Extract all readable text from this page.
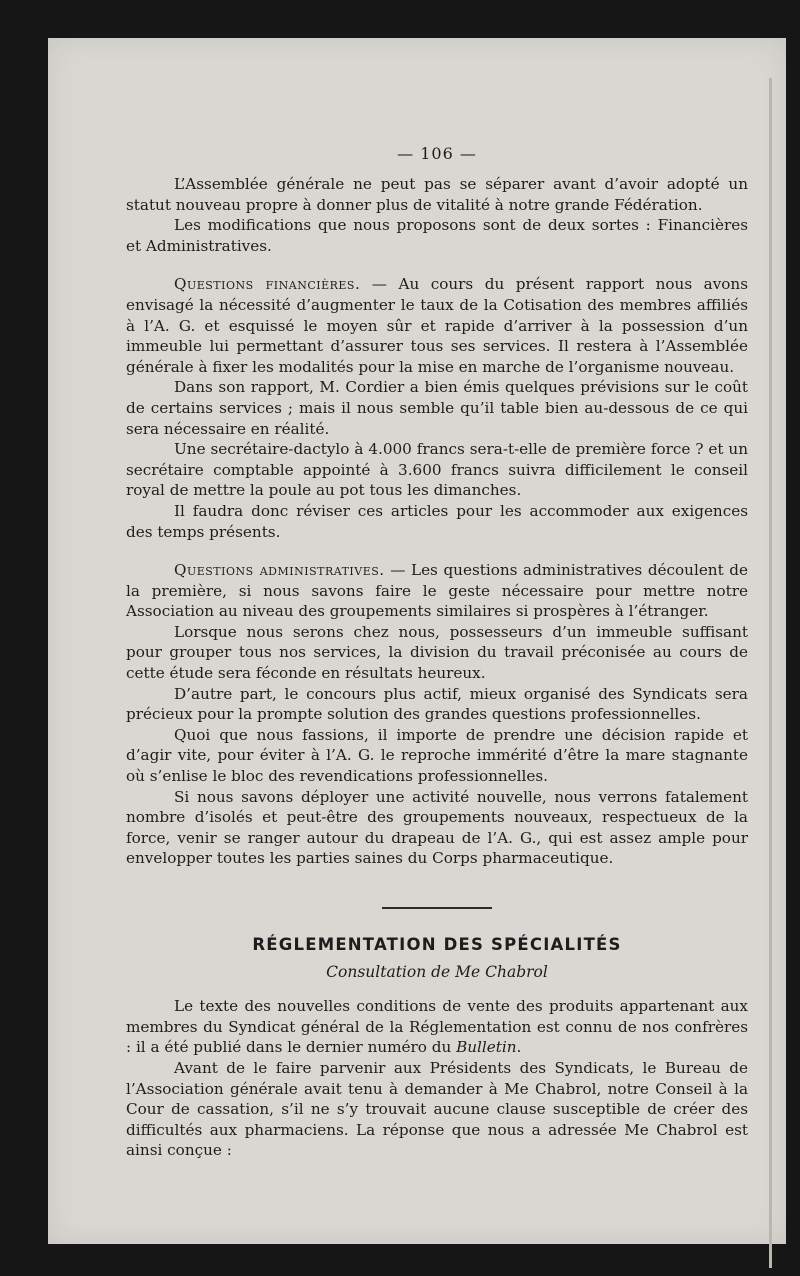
— 106 —

L’Assemblée générale ne peut pas se séparer avant d’avoir adopté un statut nouveau propre à donner plus de vitalité à notre grande Fédération.

Les modifications que nous proposons sont de deux sortes : Financières et Administratives.

Questions financières. — Au cours du présent rapport nous avons envisagé la nécessité d’augmenter le taux de la Cotisation des membres affiliés à l’A. G. et esquissé le moyen sûr et rapide d’arriver à la possession d’un immeuble lui permettant d’assurer tous ses services. Il restera à l’Assemblée générale à fixer les modalités pour la mise en marche de l’organisme nouveau.

Dans son rapport, M. Cordier a bien émis quelques prévisions sur le coût de certains services ; mais il nous semble qu’il table bien au-dessous de ce qui sera nécessaire en réalité.

Une secrétaire-dactylo à 4.000 francs sera-t-elle de première force ? et un secrétaire comptable appointé à 3.600 francs suivra difficilement le conseil royal de mettre la poule au pot tous les dimanches.

Il faudra donc réviser ces articles pour les accommoder aux exigences des temps présents.

Questions administratives. — Les questions administratives découlent de la première, si nous savons faire le geste nécessaire pour mettre notre Association au niveau des groupements similaires si prospères à l’étranger.

Lorsque nous serons chez nous, possesseurs d’un immeuble suffisant pour grouper tous nos services, la division du travail préconisée au cours de cette étude sera féconde en résultats heureux.

D’autre part, le concours plus actif, mieux organisé des Syndicats sera précieux pour la prompte solution des grandes questions professionnelles.

Quoi que nous fassions, il importe de prendre une décision rapide et d’agir vite, pour éviter à l’A. G. le reproche immérité d’être la mare stagnante où s’enlise le bloc des revendications professionnelles.

Si nous savons déployer une activité nouvelle, nous verrons fatalement nombre d’isolés et peut-être des groupements nouveaux, respectueux de la force, venir se ranger autour du drapeau de l’A. G., qui est assez ample pour envelopper toutes les parties saines du Corps pharmaceutique.

RÉGLEMENTATION DES SPÉCIALITÉS
Consultation de Me Chabrol

Le texte des nouvelles conditions de vente des produits appartenant aux membres du Syndicat général de la Réglementation est connu de nos confrères : il a été publié dans le dernier numéro du Bulletin.

Avant de le faire parvenir aux Présidents des Syndicats, le Bureau de l’Association générale avait tenu à demander à Me Chabrol, notre Conseil à la Cour de cassation, s’il ne s’y trouvait aucune clause susceptible de créer des difficultés aux pharmaciens. La réponse que nous a adressée Me Chabrol est ainsi conçue :
